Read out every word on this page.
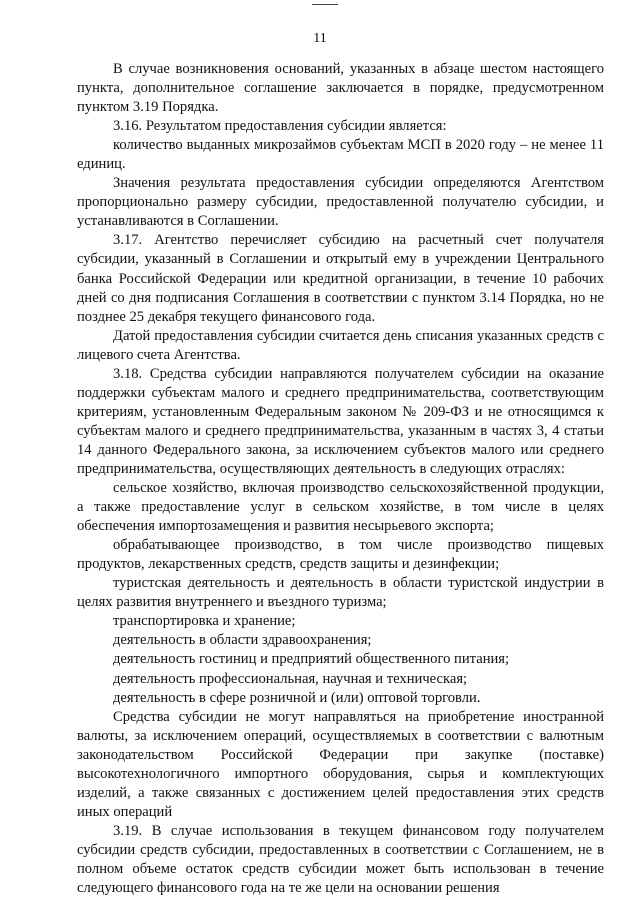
11

В случае возникновения оснований, указанных в абзаце шестом настоящего пункта, дополнительное соглашение заключается в порядке, предусмотренном пунктом 3.19 Порядка.

3.16. Результатом предоставления субсидии является:

количество выданных микрозаймов субъектам МСП в 2020 году – не менее 11 единиц.

Значения результата предоставления субсидии определяются Агентством пропорционально размеру субсидии, предоставленной получателю субсидии, и устанавливаются в Соглашении.

3.17. Агентство перечисляет субсидию на расчетный счет получателя субсидии, указанный в Соглашении и открытый ему в учреждении Центрального банка Российской Федерации или кредитной организации, в течение 10 рабочих дней со дня подписания Соглашения в соответствии с пунктом 3.14 Порядка, но не позднее 25 декабря текущего финансового года.

Датой предоставления субсидии считается день списания указанных средств с лицевого счета Агентства.

3.18. Средства субсидии направляются получателем субсидии на оказание поддержки субъектам малого и среднего предпринимательства, соответствующим критериям, установленным Федеральным законом № 209-ФЗ и не относящимся к субъектам малого и среднего предпринимательства, указанным в частях 3, 4 статьи 14 данного Федерального закона, за исключением субъектов малого или среднего предпринимательства, осуществляющих деятельность в следующих отраслях:

сельское хозяйство, включая производство сельскохозяйственной продукции, а также предоставление услуг в сельском хозяйстве, в том числе в целях обеспечения импортозамещения и развития несырьевого экспорта;

обрабатывающее производство, в том числе производство пищевых продуктов, лекарственных средств, средств защиты и дезинфекции;

туристская деятельность и деятельность в области туристской индустрии в целях развития внутреннего и въездного туризма;

транспортировка и хранение;

деятельность в области здравоохранения;

деятельность гостиниц и предприятий общественного питания;

деятельность профессиональная, научная и техническая;

деятельность в сфере розничной и (или) оптовой торговли.

Средства субсидии не могут направляться на приобретение иностранной валюты, за исключением операций, осуществляемых в соответствии с валютным законодательством Российской Федерации при закупке (поставке) высокотехнологичного импортного оборудования, сырья и комплектующих изделий, а также связанных с достижением целей предоставления этих средств иных операций

3.19. В случае использования в текущем финансовом году получателем субсидии средств субсидии, предоставленных в соответствии с Соглашением, не в полном объеме остаток средств субсидии может быть использован в течение следующего финансового года на те же цели на основании решения
